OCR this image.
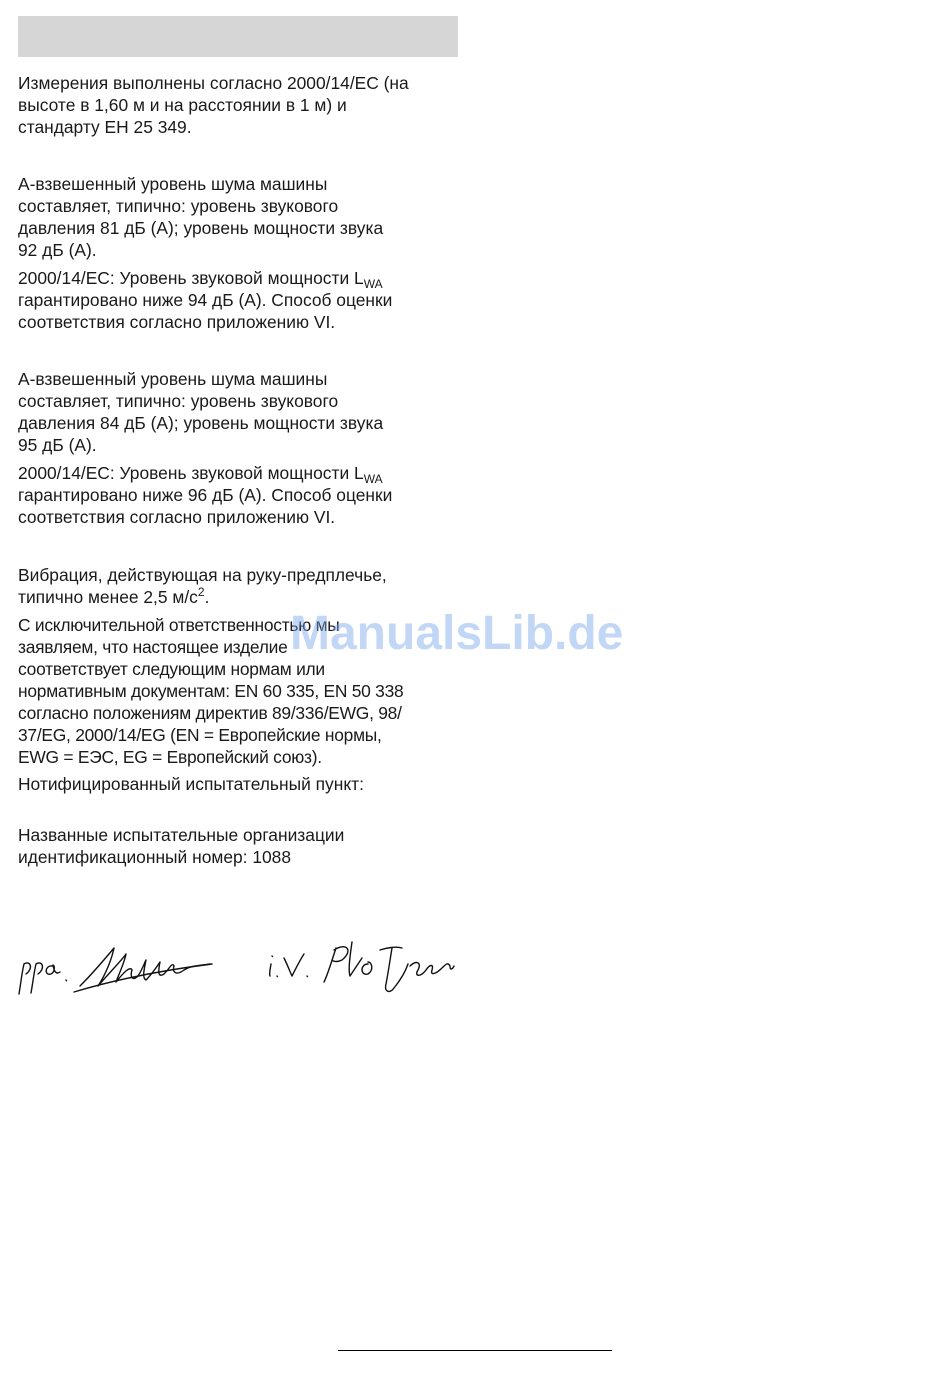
Измерения выполнены согласно 2000/14/EC (на
высоте в 1,60 м и на расстоянии в 1 м) и
стандарту ЕН 25 349.

А-взвешенный уровень шума машины
составляет, типично: уровень звукового
давления 81 дБ (А); уровень мощности звука
92 дБ (А).

2000/14/EC: Уровень звуковой мощности $L_{WA}$
гарантировано ниже 94 дБ (А). Способ оценки
соответствия согласно приложению VI.

А-взвешенный уровень шума машины
составляет, типично: уровень звукового
давления 84 дБ (А); уровень мощности звука
95 дБ (А).

2000/14/EC: Уровень звуковой мощности $L_{WA}$
гарантировано ниже 96 дБ (А). Способ оценки
соответствия согласно приложению VI.

Вибрация, действующая на руку-предплечье,
типично менее 2,5 $м/с^2$.

С исключительной ответственностью мы
заявляем, что настоящее изделие
соответствует следующим нормам или
нормативным документам: EN 60 335, EN 50 338
согласно положениям директив 89/336/EWG, 98/
37/EG, 2000/14/EG (EN = Европейские нормы,
EWG = ЕЭС, EG = Европейский союз).

Нотифицированный испытательный пункт:

Названные испытательные организации
идентификационный номер: 1088

ManualsLib.de
